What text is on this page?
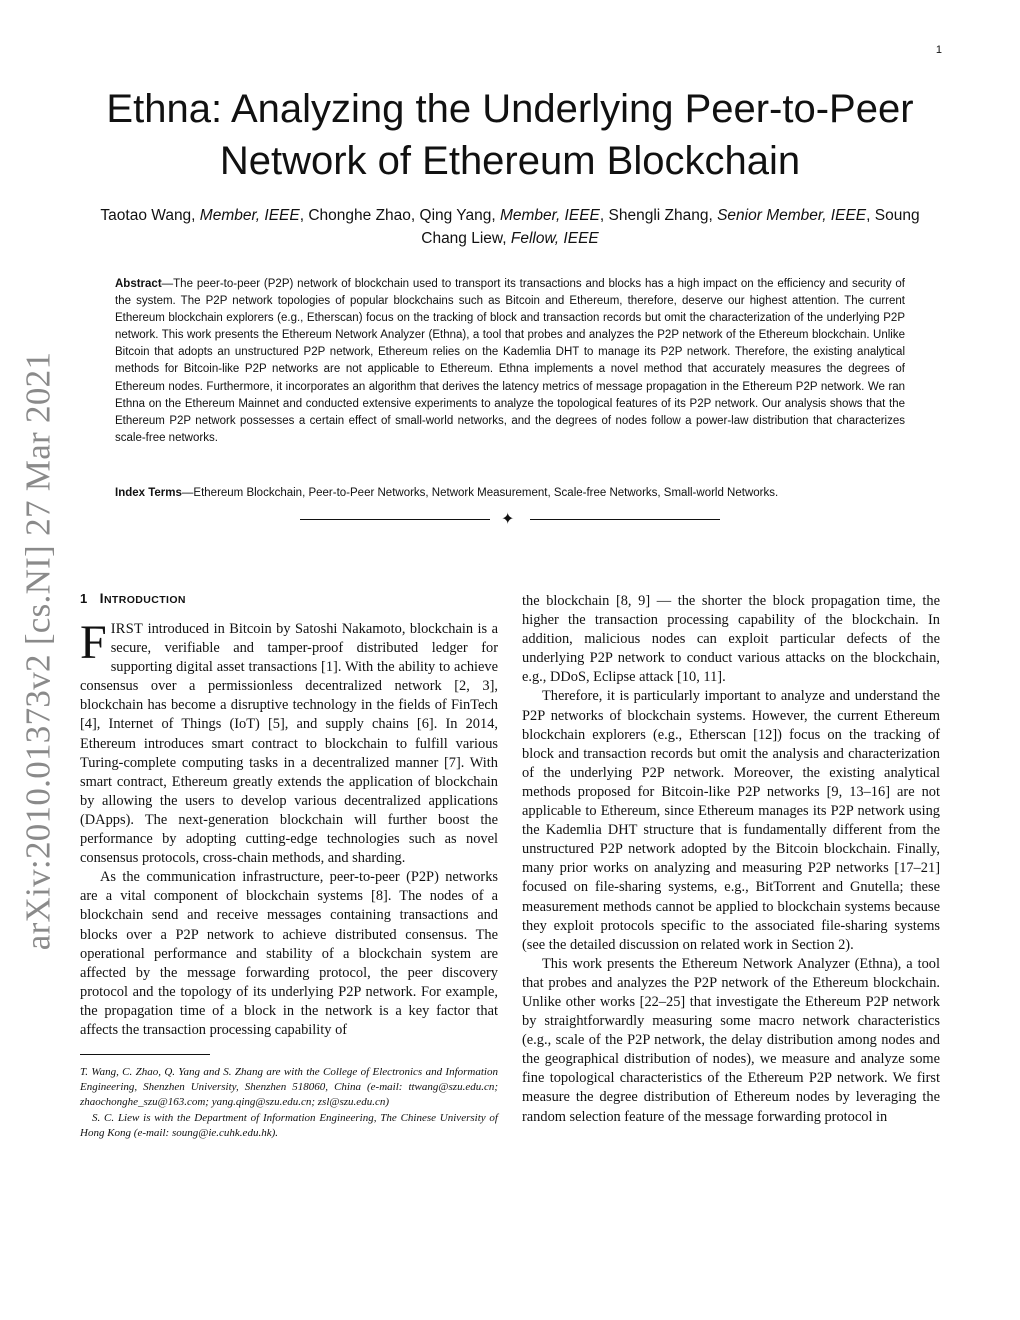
1
arXiv:2010.01373v2 [cs.NI] 27 Mar 2021
Ethna: Analyzing the Underlying Peer-to-Peer
Network of Ethereum Blockchain
Taotao Wang, Member, IEEE, Chonghe Zhao, Qing Yang, Member, IEEE, Shengli Zhang, Senior Member, IEEE, Soung Chang Liew, Fellow, IEEE

Abstract—The peer-to-peer (P2P) network of blockchain used to transport its transactions and blocks has a high impact on the efficiency and security of the system. The P2P network topologies of popular blockchains such as Bitcoin and Ethereum, therefore, deserve our highest attention. The current Ethereum blockchain explorers (e.g., Etherscan) focus on the tracking of block and transaction records but omit the characterization of the underlying P2P network. This work presents the Ethereum Network Analyzer (Ethna), a tool that probes and analyzes the P2P network of the Ethereum blockchain. Unlike Bitcoin that adopts an unstructured P2P network, Ethereum relies on the Kademlia DHT to manage its P2P network. Therefore, the existing analytical methods for Bitcoin-like P2P networks are not applicable to Ethereum. Ethna implements a novel method that accurately measures the degrees of Ethereum nodes. Furthermore, it incorporates an algorithm that derives the latency metrics of message propagation in the Ethereum P2P network. We ran Ethna on the Ethereum Mainnet and conducted extensive experiments to analyze the topological features of its P2P network. Our analysis shows that the Ethereum P2P network possesses a certain effect of small-world networks, and the degrees of nodes follow a power-law distribution that characterizes scale-free networks.

Index Terms—Ethereum Blockchain, Peer-to-Peer Networks, Network Measurement, Scale-free Networks, Small-world Networks.

✦
1 INTRODUCTION

FIRST introduced in Bitcoin by Satoshi Nakamoto, blockchain is a secure, verifiable and tamper-proof distributed ledger for supporting digital asset transactions [1]. With the ability to achieve consensus over a permissionless decentralized network [2, 3], blockchain has become a disruptive technology in the fields of FinTech [4], Internet of Things (IoT) [5], and supply chains [6]. In 2014, Ethereum introduces smart contract to blockchain to fulfill various Turing-complete computing tasks in a decentralized manner [7]. With smart contract, Ethereum greatly extends the application of blockchain by allowing the users to develop various decentralized applications (DApps). The next-generation blockchain will further boost the performance by adopting cutting-edge technologies such as novel consensus protocols, cross-chain methods, and sharding.

As the communication infrastructure, peer-to-peer (P2P) networks are a vital component of blockchain systems [8]. The nodes of a blockchain send and receive messages containing transactions and blocks over a P2P network to achieve distributed consensus. The operational performance and stability of a blockchain system are affected by the message forwarding protocol, the peer discovery protocol and the topology of its underlying P2P network. For example, the propagation time of a block in the network is a key factor that affects the transaction processing capability of

T. Wang, C. Zhao, Q. Yang and S. Zhang are with the College of Electronics and Information Engineering, Shenzhen University, Shenzhen 518060, China (e-mail: ttwang@szu.edu.cn; zhaochonghe_szu@163.com; yang.qing@szu.edu.cn; zsl@szu.edu.cn)

S. C. Liew is with the Department of Information Engineering, The Chinese University of Hong Kong (e-mail: soung@ie.cuhk.edu.hk).

the blockchain [8, 9] — the shorter the block propagation time, the higher the transaction processing capability of the blockchain. In addition, malicious nodes can exploit particular defects of the underlying P2P network to conduct various attacks on the blockchain, e.g., DDoS, Eclipse attack [10, 11].

Therefore, it is particularly important to analyze and understand the P2P networks of blockchain systems. However, the current Ethereum blockchain explorers (e.g., Etherscan [12]) focus on the tracking of block and transaction records but omit the analysis and characterization of the underlying P2P network. Moreover, the existing analytical methods proposed for Bitcoin-like P2P networks [9, 13–16] are not applicable to Ethereum, since Ethereum manages its P2P network using the Kademlia DHT structure that is fundamentally different from the unstructured P2P network adopted by the Bitcoin blockchain. Finally, many prior works on analyzing and measuring P2P networks [17–21] focused on file-sharing systems, e.g., BitTorrent and Gnutella; these measurement methods cannot be applied to blockchain systems because they exploit protocols specific to the associated file-sharing systems (see the detailed discussion on related work in Section 2).

This work presents the Ethereum Network Analyzer (Ethna), a tool that probes and analyzes the P2P network of the Ethereum blockchain. Unlike other works [22–25] that investigate the Ethereum P2P network by straightforwardly measuring some macro network characteristics (e.g., scale of the P2P network, the delay distribution among nodes and the geographical distribution of nodes), we measure and analyze some fine topological characteristics of the Ethereum P2P network. We first measure the degree distribution of Ethereum nodes by leveraging the random selection feature of the message forwarding protocol in
